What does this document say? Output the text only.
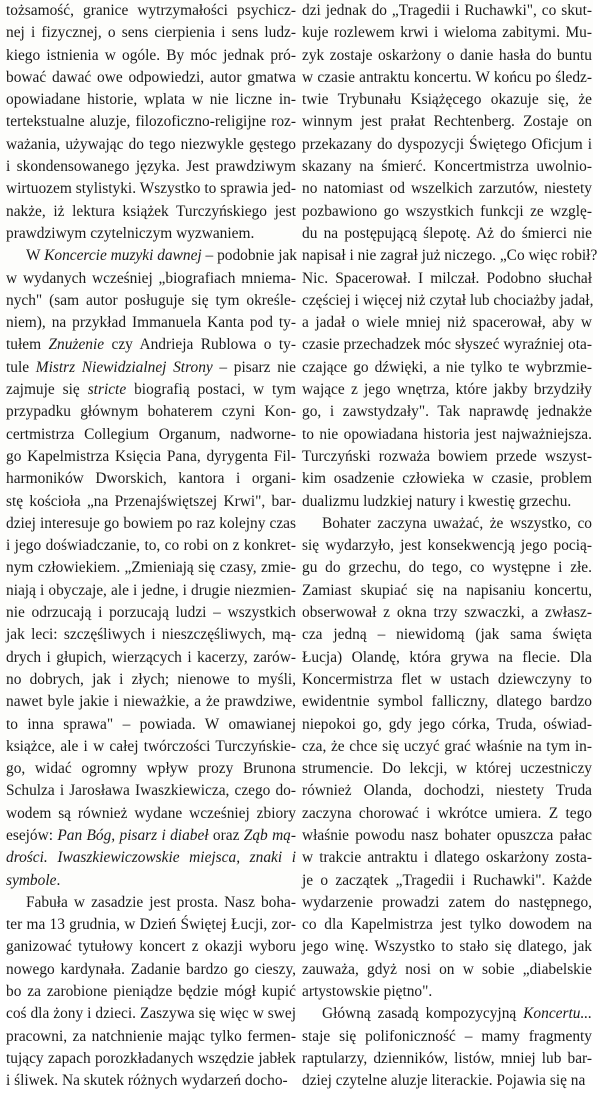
tożsamość, granice wytrzymałości psychicz-
nej i fizycznej, o sens cierpienia i sens ludz-
kiego istnienia w ogóle. By móc jednak pró-
bować dawać owe odpowiedzi, autor gmatwa
opowiadane historie, wplata w nie liczne in-
tertekstualne aluzje, filozoficzno-religijne roz-
ważania, używając do tego niezwykle gęstego
i skondensowanego języka. Jest prawdziwym
wirtuozem stylistyki. Wszystko to sprawia jed-
nakże, iż lektura książek Turczyńskiego jest
prawdziwym czytelniczym wyzwaniem.
W Koncercie muzyki dawnej – podobnie jak
w wydanych wcześniej „biografiach mniema-
nych" (sam autor posługuje się tym określe-
niem), na przykład Immanuela Kanta pod ty-
tułem Znużenie czy Andrieja Rublowa o ty-
tule Mistrz Niewidzialnej Strony – pisarz nie
zajmuje się stricte biografią postaci, w tym
przypadku głównym bohaterem czyni Kon-
certmistrza Collegium Organum, nadworne-
go Kapelmistrza Księcia Pana, dyrygenta Fil-
harmoników Dworskich, kantora i organi-
stę kościoła „na Przenajświętszej Krwi", bar-
dziej interesuje go bowiem po raz kolejny czas
i jego doświadczanie, to, co robi on z konkret-
nym człowiekiem. „Zmieniają się czasy, zmie-
niają i obyczaje, ale i jedne, i drugie niezmien-
nie odrzucają i porzucają ludzi – wszystkich
jak leci: szczęśliwych i nieszczęśliwych, mą-
drych i głupich, wierzących i kacerzy, zarów-
no dobrych, jak i złych; nienowe to myśli,
nawet byle jakie i nieważkie, a że prawdziwe,
to inna sprawa" – powiada. W omawianej
książce, ale i w całej twórczości Turczyńskie-
go, widać ogromny wpływ prozy Brunona
Schulza i Jarosława Iwaszkiewicza, czego do-
wodem są również wydane wcześniej zbiory
esejów: Pan Bóg, pisarz i diabeł oraz Ząb mą-
drości. Iwaszkiewiczowskie miejsca, znaki i
symbole.
Fabuła w zasadzie jest prosta. Nasz boha-
ter ma 13 grudnia, w Dzień Świętej Łucji, zor-
ganizować tytułowy koncert z okazji wyboru
nowego kardynała. Zadanie bardzo go cieszy,
bo za zarobione pieniądze będzie mógł kupić
coś dla żony i dzieci. Zaszywa się więc w swej
pracowni, za natchnienie mając tylko fermen-
tujący zapach porozkładanych wszędzie jabłek
i śliwek. Na skutek różnych wydarzeń docho-
dzi jednak do „Tragedii i Ruchawki", co skut-
kuje rozlewem krwi i wieloma zabitymi. Mu-
zyk zostaje oskarżony o danie hasła do buntu
w czasie antraktu koncertu. W końcu po śledz-
twie Trybunału Książęcego okazuje się, że
winnym jest prałat Rechtenberg. Zostaje on
przekazany do dyspozycji Świętego Oficjum i
skazany na śmierć. Koncertmistrza uwolnio-
no natomiast od wszelkich zarzutów, niestety
pozbawiono go wszystkich funkcji ze wzglę-
du na postępującą ślepotę. Aż do śmierci nie
napisał i nie zagrał już niczego. „Co więc robił?
Nic. Spacerował. I milczał. Podobno słuchał
częściej i więcej niż czytał lub chociażby jadał,
a jadał o wiele mniej niż spacerował, aby w
czasie przechadzek móc słyszeć wyraźniej ota-
czające go dźwięki, a nie tylko te wybrzmie-
wające z jego wnętrza, które jakby brzydziły
go, i zawstydzały". Tak naprawdę jednakże
to nie opowiadana historia jest najważniejsza.
Turczyński rozważa bowiem przede wszyst-
kim osadzenie człowieka w czasie, problem
dualizmu ludzkiej natury i kwestię grzechu.
Bohater zaczyna uważać, że wszystko, co
się wydarzyło, jest konsekwencją jego pocią-
gu do grzechu, do tego, co występne i złe.
Zamiast skupiać się na napisaniu koncertu,
obserwował z okna trzy szwaczki, a zwłasz-
cza jedną – niewidomą (jak sama święta
Łucja) Olandę, która grywa na flecie. Dla
Koncermistrza flet w ustach dziewczyny to
ewidentnie symbol falliczny, dlatego bardzo
niepokoi go, gdy jego córka, Truda, oświad-
cza, że chce się uczyć grać właśnie na tym in-
strumencie. Do lekcji, w której uczestniczy
również Olanda, dochodzi, niestety Truda
zaczyna chorować i wkrótce umiera. Z tego
właśnie powodu nasz bohater opuszcza pałac
w trakcie antraktu i dlatego oskarżony zosta-
je o zaczątek „Tragedii i Ruchawki". Każde
wydarzenie prowadzi zatem do następnego,
co dla Kapelmistrza jest tylko dowodem na
jego winę. Wszystko to stało się dlatego, jak
zauważa, gdyż nosi on w sobie „diabelskie
artystowskie piętno".
Główną zasadą kompozycyjną Koncertu...
staje się polifoniczność – mamy fragmenty
raptularzy, dzienników, listów, mniej lub bar-
dziej czytelne aluzje literackie. Pojawia się na
